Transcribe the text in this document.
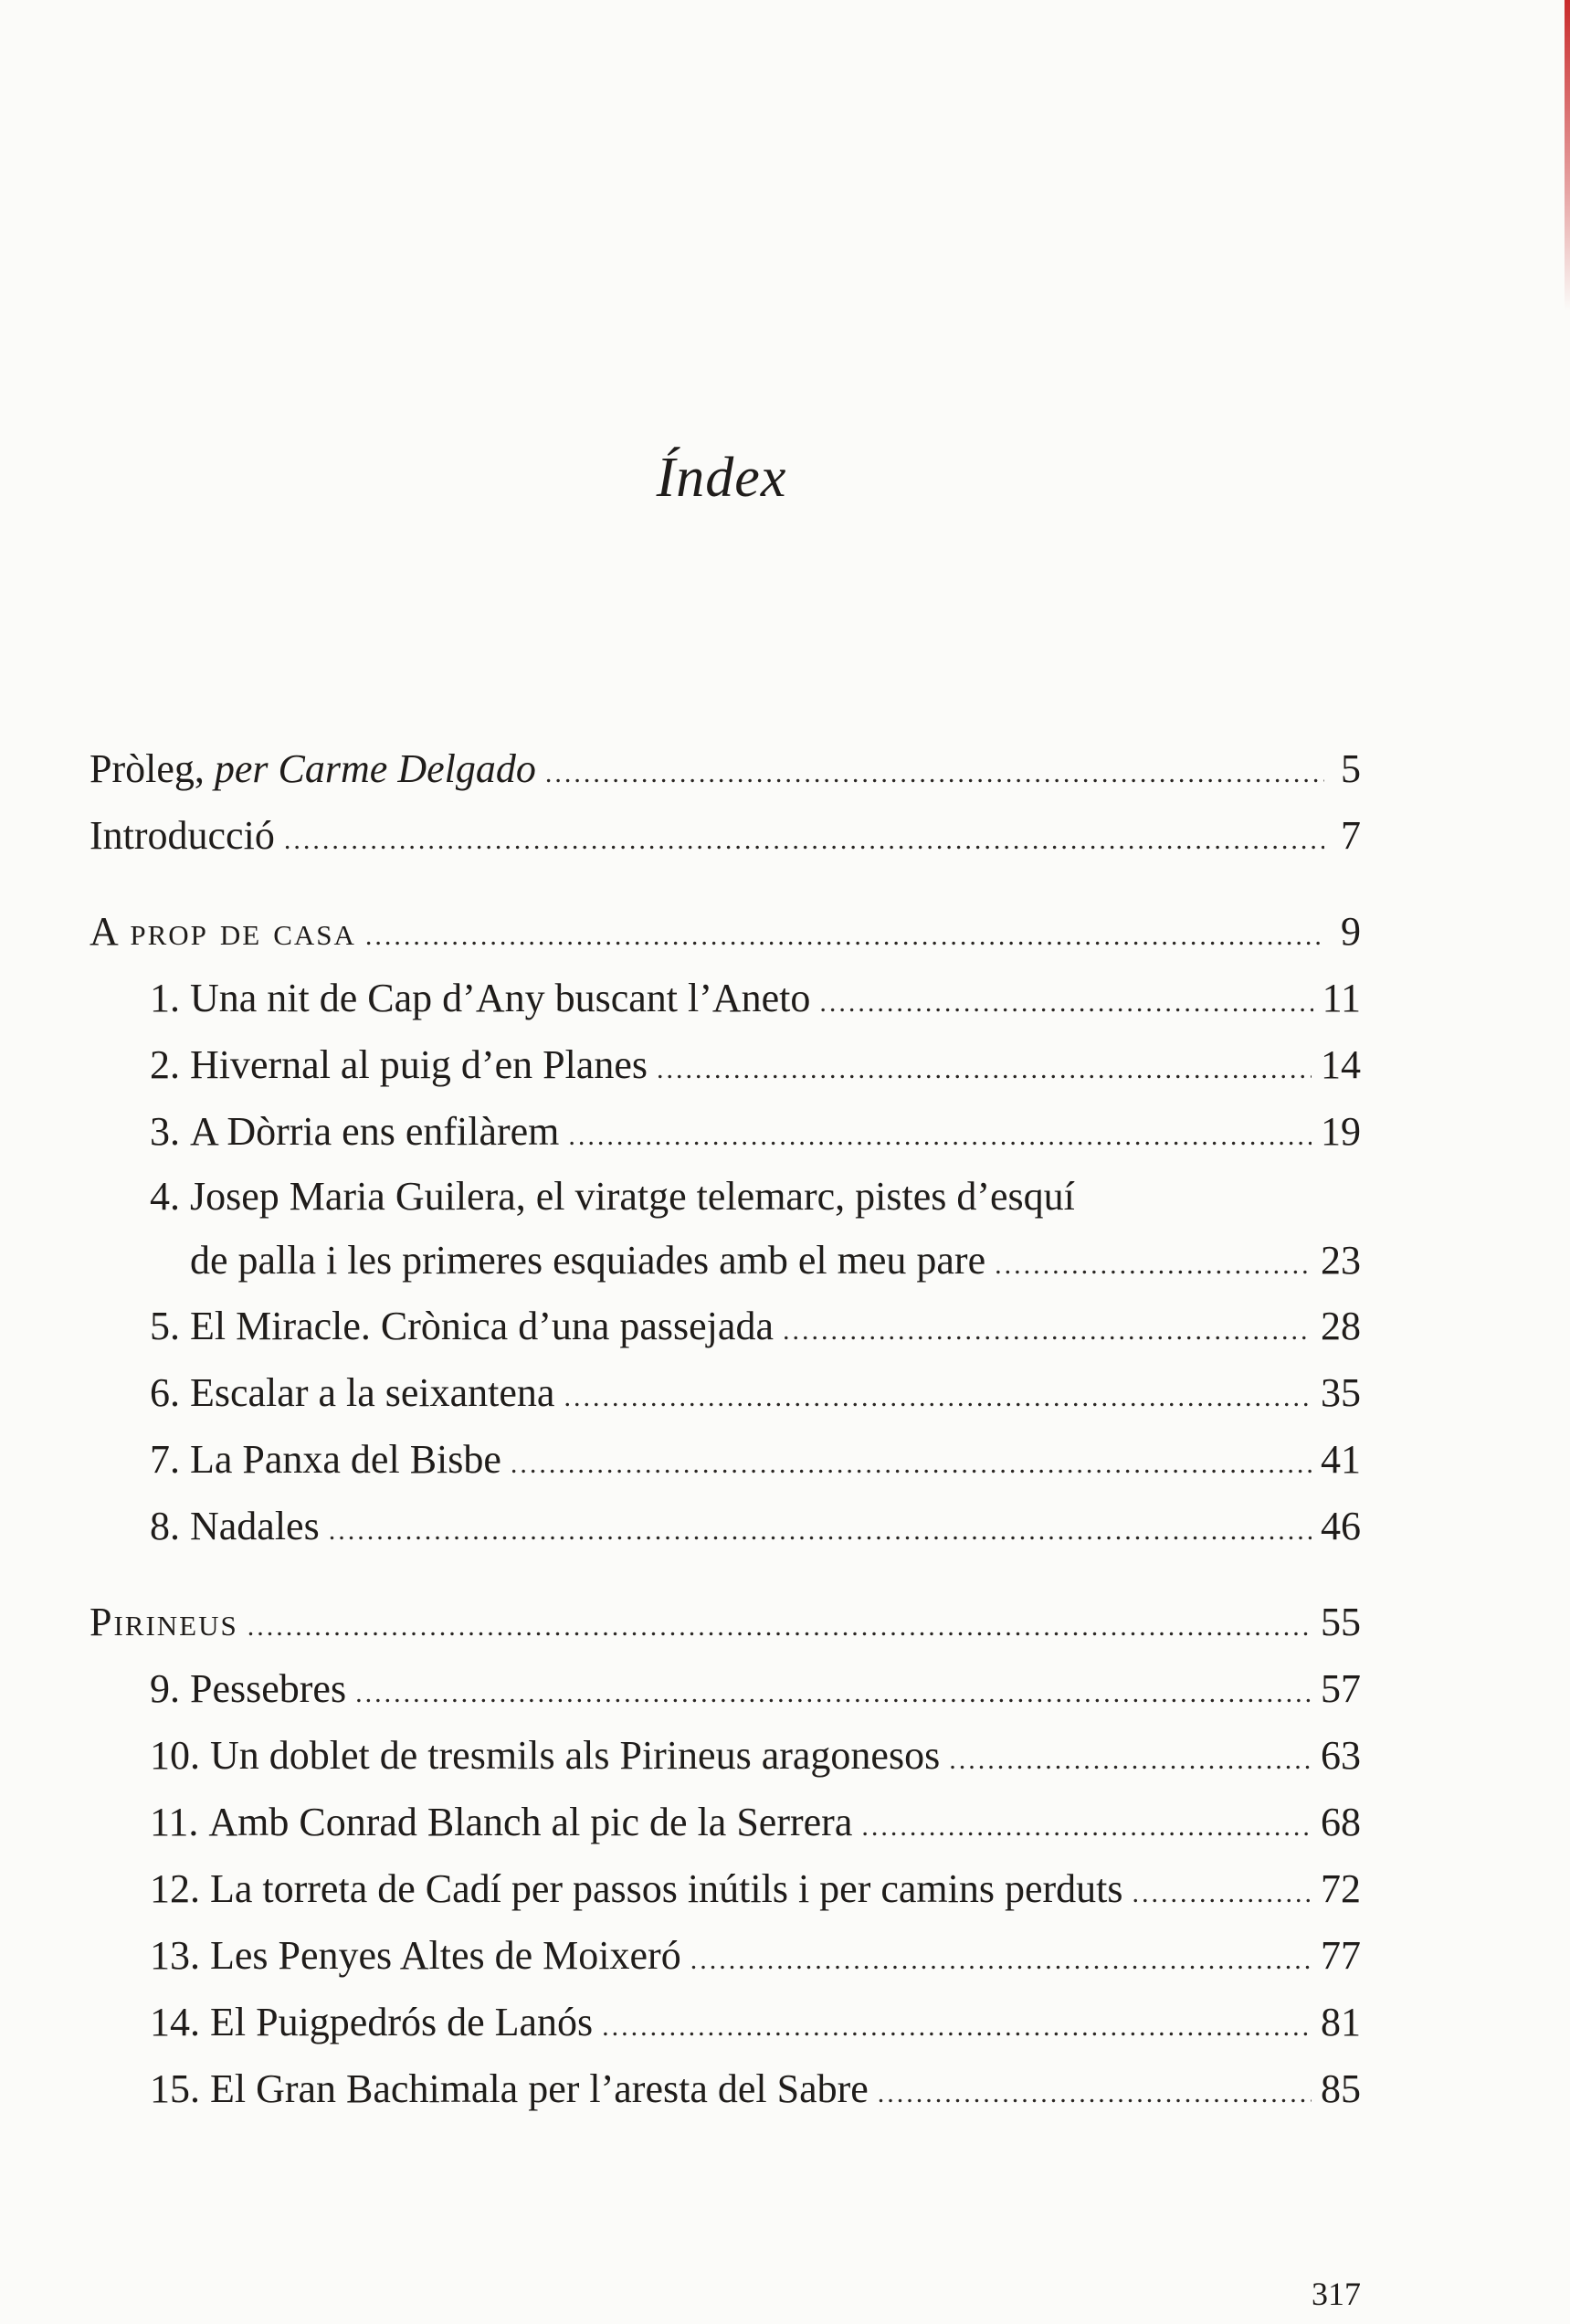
Índex
Pròleg, per Carme Delgado .....	5
Introducció .....	7
A prop de casa .....	9
1.
Una nit de Cap d’Any buscant l’Aneto .....	11
2.
Hivernal al puig d’en Planes .....	14
3.
A Dòrria ens enfilàrem .....	19
4.
Josep Maria Guilera, el viratge telemarc, pistes d’esquí
de palla i les primeres esquiades amb el meu pare .....	23
5.
El Miracle. Crònica d’una passejada .....	28
6.
Escalar a la seixantena .....	35
7.
La Panxa del Bisbe .....	41
8.
Nadales .....	46
Pirineus .....	55
9.
Pessebres .....	57
10.
Un doblet de tresmils als Pirineus aragonesos .....	63
11.
Amb Conrad Blanch al pic de la Serrera .....	68
12.
La torreta de Cadí per passos inútils i per camins perduts .....	72
13.
Les Penyes Altes de Moixeró .....	77
14.
El Puigpedrós de Lanós .....	81
15.
El Gran Bachimala per l’aresta del Sabre .....	85
317
